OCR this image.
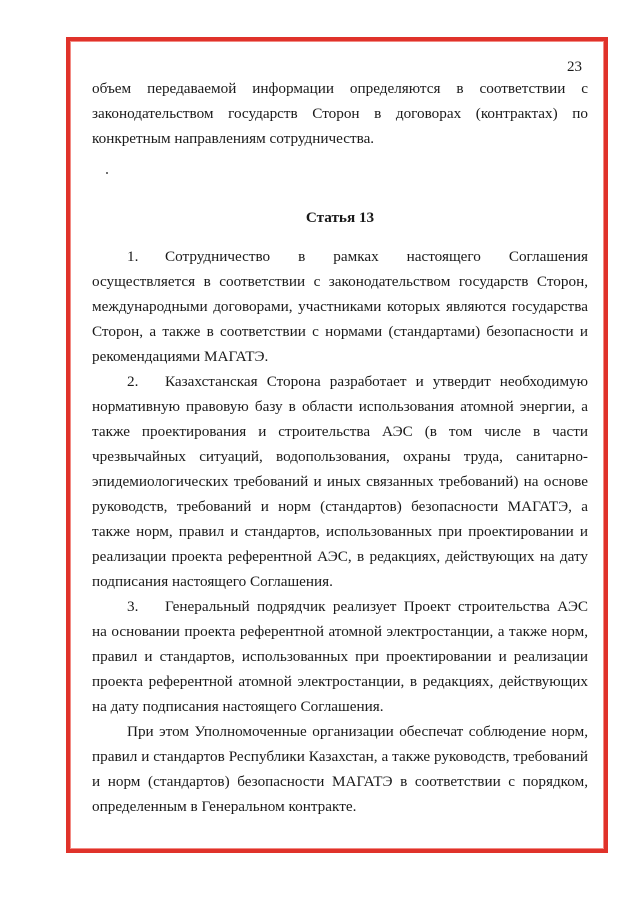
23

объем передаваемой информации определяются в соответствии с законодательством государств Сторон в договорах (контрактах) по конкретным направлениям сотрудничества.

Статья 13

1. Сотрудничество в рамках настоящего Соглашения осуществляется в соответствии с законодательством государств Сторон, международными договорами, участниками которых являются государства Сторон, а также в соответствии с нормами (стандартами) безопасности и рекомендациями МАГАТЭ.

2. Казахстанская Сторона разработает и утвердит необходимую нормативную правовую базу в области использования атомной энергии, а также проектирования и строительства АЭС (в том числе в части чрезвычайных ситуаций, водопользования, охраны труда, санитарно-эпидемиологических требований и иных связанных требований) на основе руководств, требований и норм (стандартов) безопасности МАГАТЭ, а также норм, правил и стандартов, использованных при проектировании и реализации проекта референтной АЭС, в редакциях, действующих на дату подписания настоящего Соглашения.

3. Генеральный подрядчик реализует Проект строительства АЭС на основании проекта референтной атомной электростанции, а также норм, правил и стандартов, использованных при проектировании и реализации проекта референтной атомной электростанции, в редакциях, действующих на дату подписания настоящего Соглашения.

При этом Уполномоченные организации обеспечат соблюдение норм, правил и стандартов Республики Казахстан, а также руководств, требований и норм (стандартов) безопасности МАГАТЭ в соответствии с порядком, определенным в Генеральном контракте.
